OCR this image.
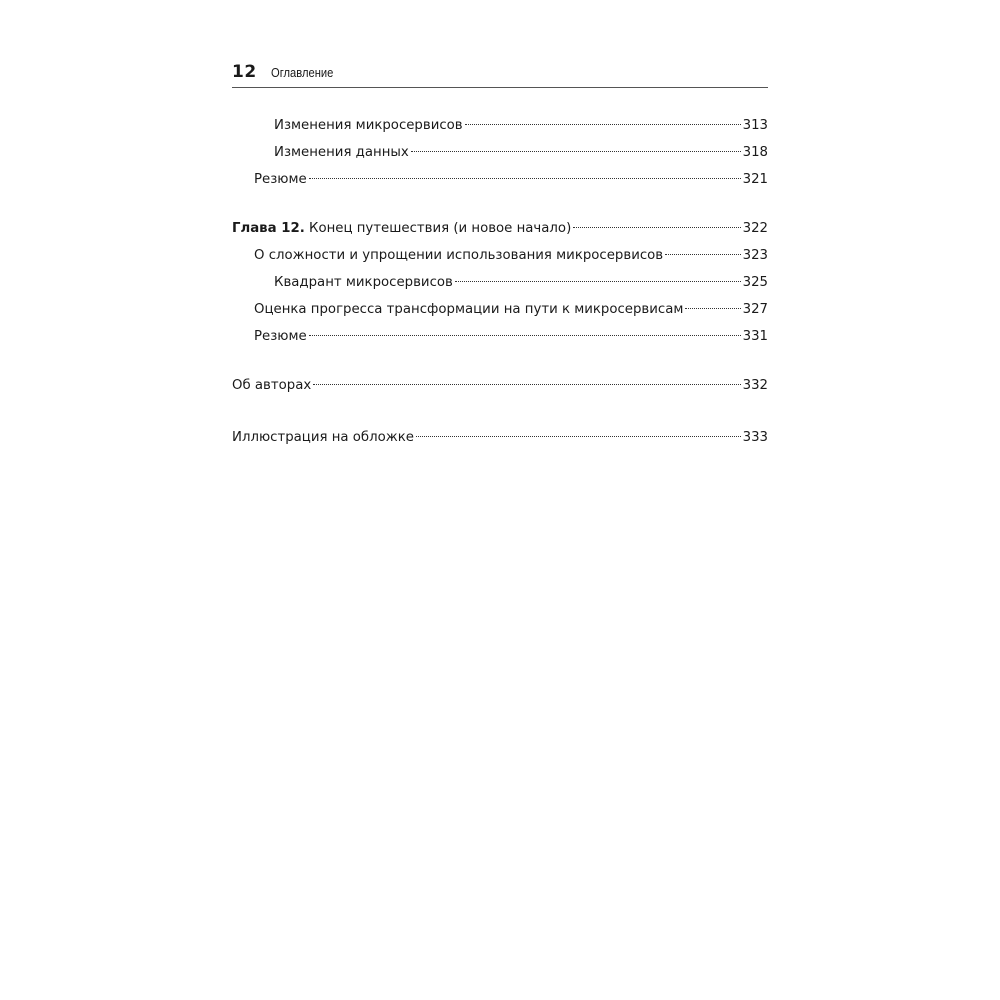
12 Оглавление
Изменения микросервисов	313
Изменения данных	318
Резюме	321
Глава 12. Конец путешествия (и новое начало)	322
О сложности и упрощении использования микросервисов	323
Квадрант микросервисов	325
Оценка прогресса трансформации на пути к микросервисам	327
Резюме	331
Об авторах	332
Иллюстрация на обложке	333
